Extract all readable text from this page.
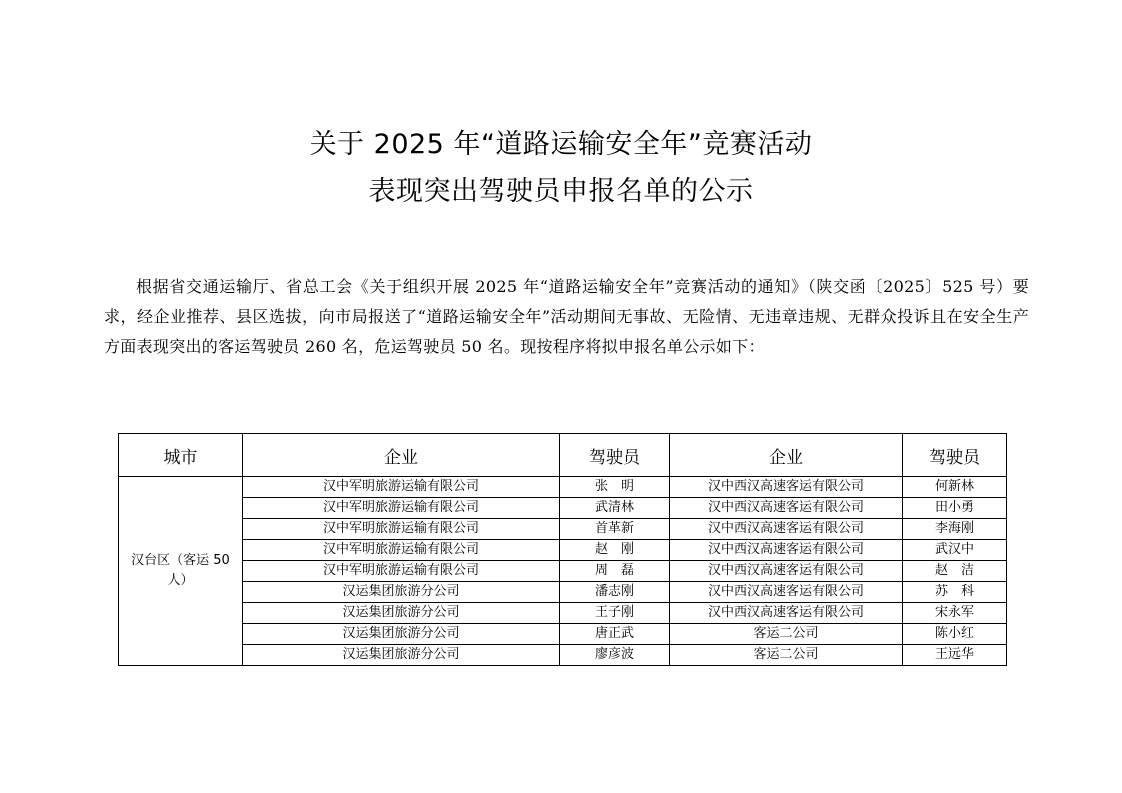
关于 2025 年“道路运输安全年”竞赛活动
表现突出驾驶员申报名单的公示
根据省交通运输厅、省总工会《关于组织开展 2025 年“道路运输安全年”竞赛活动的通知》（陕交函〔2025〕525 号）要求，经企业推荐、县区选拔，向市局报送了“道路运输安全年”活动期间无事故、无险情、无违章违规、无群众投诉且在安全生产方面表现突出的客运驾驶员 260 名，危运驾驶员 50 名。现按程序将拟申报名单公示如下：
城市	企业	驾驶员	企业	驾驶员
汉台区（客运 50 人）	汉中军明旅游运输有限公司	张　明	汉中西汉高速客运有限公司	何新林
	汉中军明旅游运输有限公司	武清林	汉中西汉高速客运有限公司	田小勇
	汉中军明旅游运输有限公司	首革新	汉中西汉高速客运有限公司	李海刚
	汉中军明旅游运输有限公司	赵　刚	汉中西汉高速客运有限公司	武汉中
	汉中军明旅游运输有限公司	周　磊	汉中西汉高速客运有限公司	赵　洁
	汉运集团旅游分公司	潘志刚	汉中西汉高速客运有限公司	苏　科
	汉运集团旅游分公司	王子刚	汉中西汉高速客运有限公司	宋永军
	汉运集团旅游分公司	唐正武	客运二公司	陈小红
	汉运集团旅游分公司	廖彦波	客运二公司	王远华
